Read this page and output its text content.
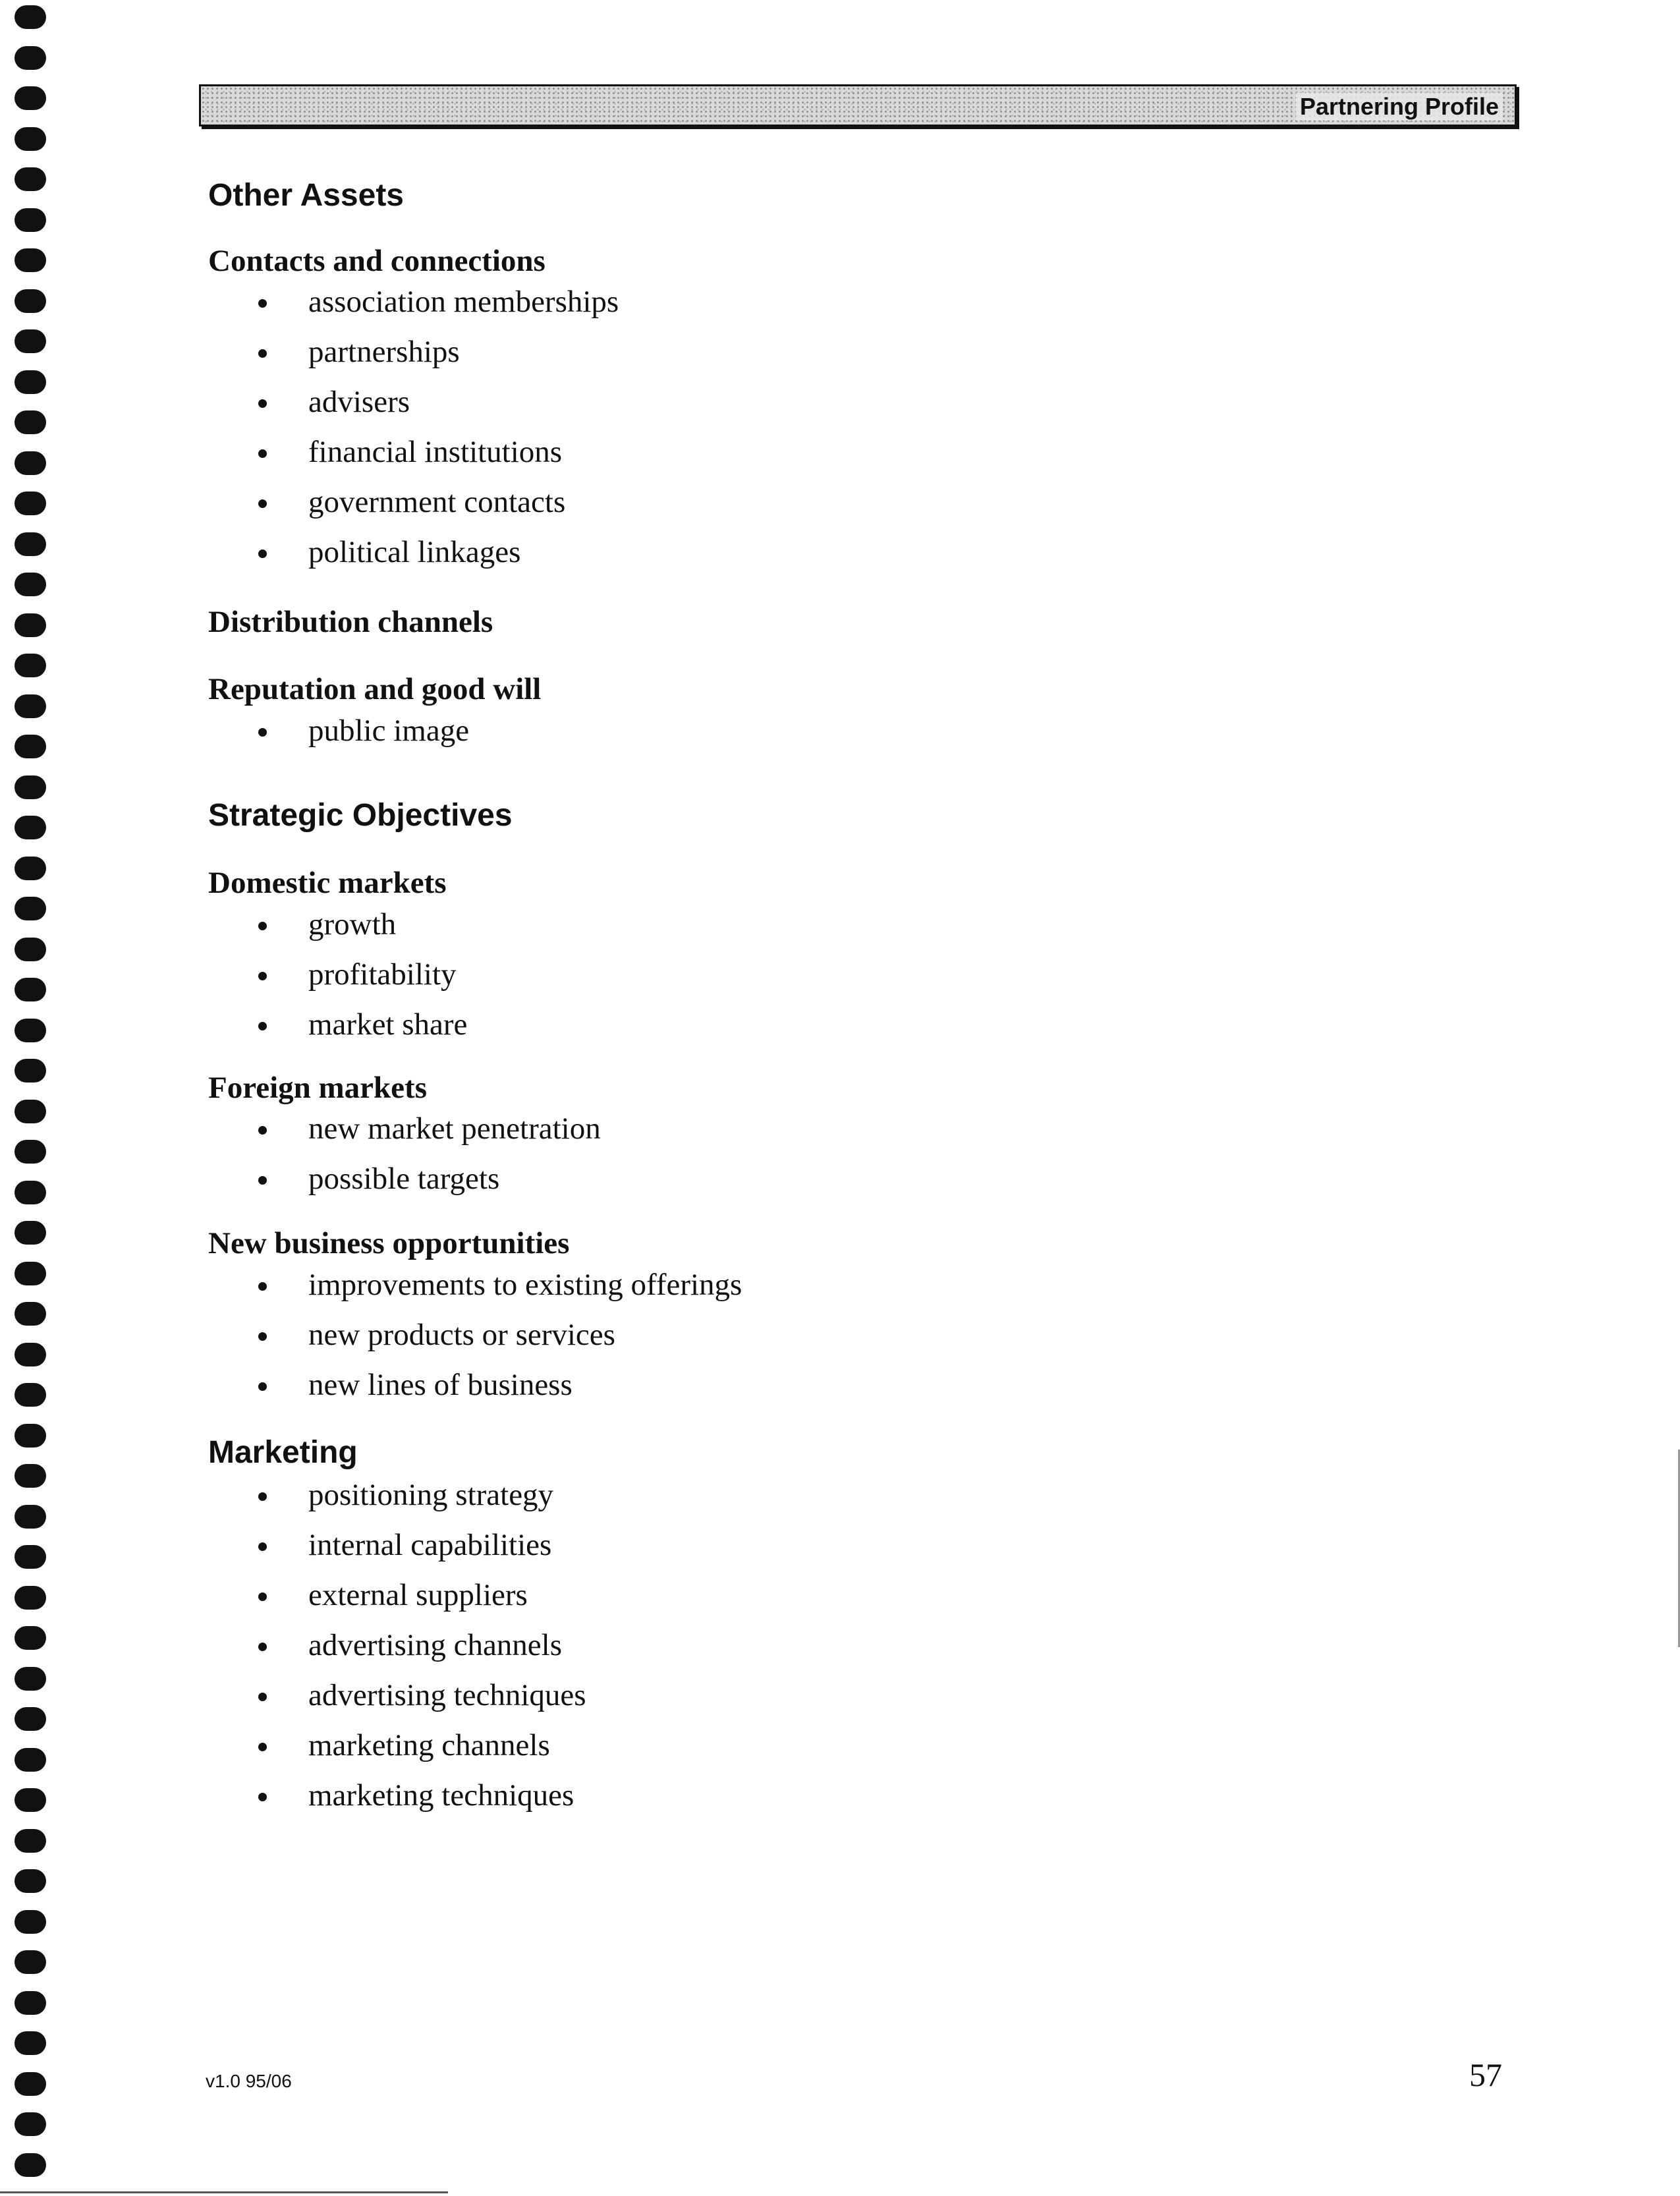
Partnering Profile
Other Assets
Contacts and connections
association memberships
partnerships
advisers
financial institutions
government contacts
political linkages
Distribution channels
Reputation and good will
public image
Strategic Objectives
Domestic markets
growth
profitability
market share
Foreign markets
new market penetration
possible targets
New business opportunities
improvements to existing offerings
new products or services
new lines of business
Marketing
positioning strategy
internal capabilities
external suppliers
advertising channels
advertising techniques
marketing channels
marketing techniques
v1.0 95/06	57
